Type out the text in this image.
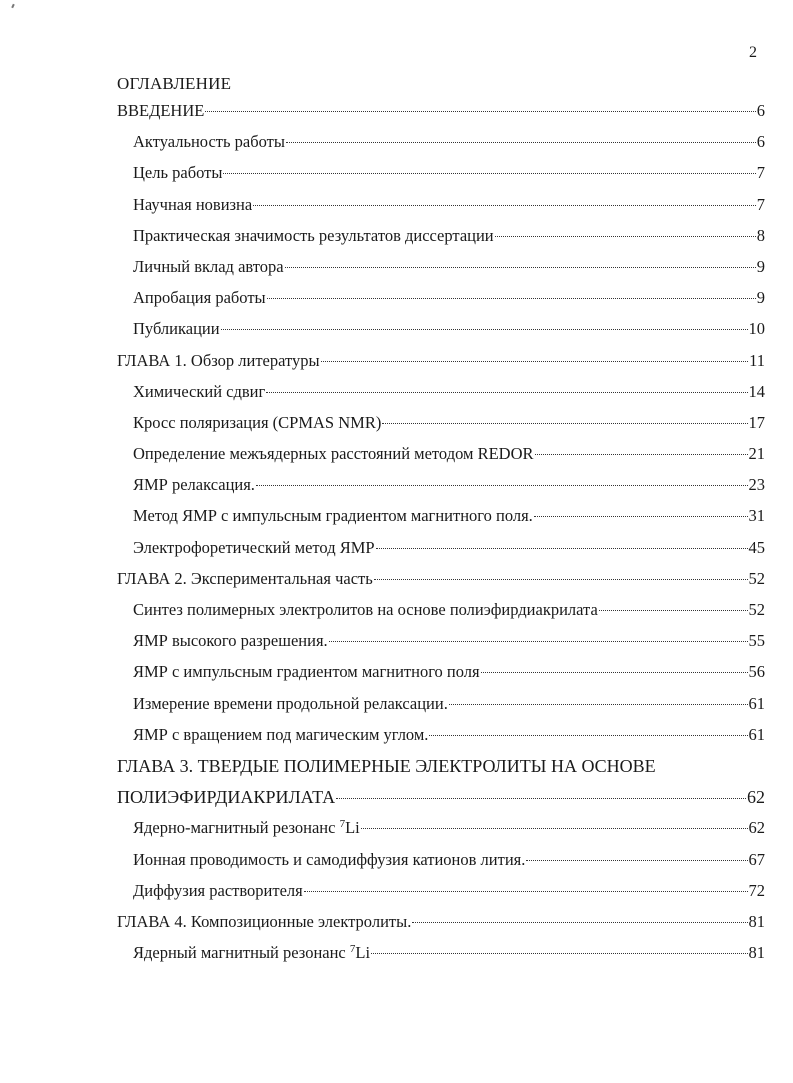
2
ОГЛАВЛЕНИЕ
ВВЕДЕНИЕ	6
Актуальность работы	6
Цель работы	7
Научная новизна	7
Практическая значимость результатов диссертации	8
Личный вклад автора	9
Апробация работы	9
Публикации	10
ГЛАВА 1. Обзор литературы	11
Химический сдвиг	14
Кросс поляризация (CPMAS NMR)	17
Определение межъядерных расстояний методом REDOR	21
ЯМР релаксация.	23
Метод ЯМР с импульсным градиентом магнитного поля.	31
Электрофоретический метод ЯМР	45
ГЛАВА 2. Экспериментальная часть	52
Синтез полимерных электролитов на основе полиэфирдиакрилата	52
ЯМР высокого разрешения.	55
ЯМР с импульсным градиентом магнитного поля	56
Измерение времени продольной релаксации.	61
ЯМР с вращением под магическим углом.	61
ГЛАВА 3. ТВЕРДЫЕ ПОЛИМЕРНЫЕ ЭЛЕКТРОЛИТЫ НА ОСНОВЕ
ПОЛИЭФИРДИАКРИЛАТА	62
Ядерно-магнитный резонанс $^7$Li	62
Ионная проводимость и самодиффузия катионов лития.	67
Диффузия растворителя	72
ГЛАВА 4. Композиционные электролиты.	81
Ядерный магнитный резонанс $^7$Li	81
